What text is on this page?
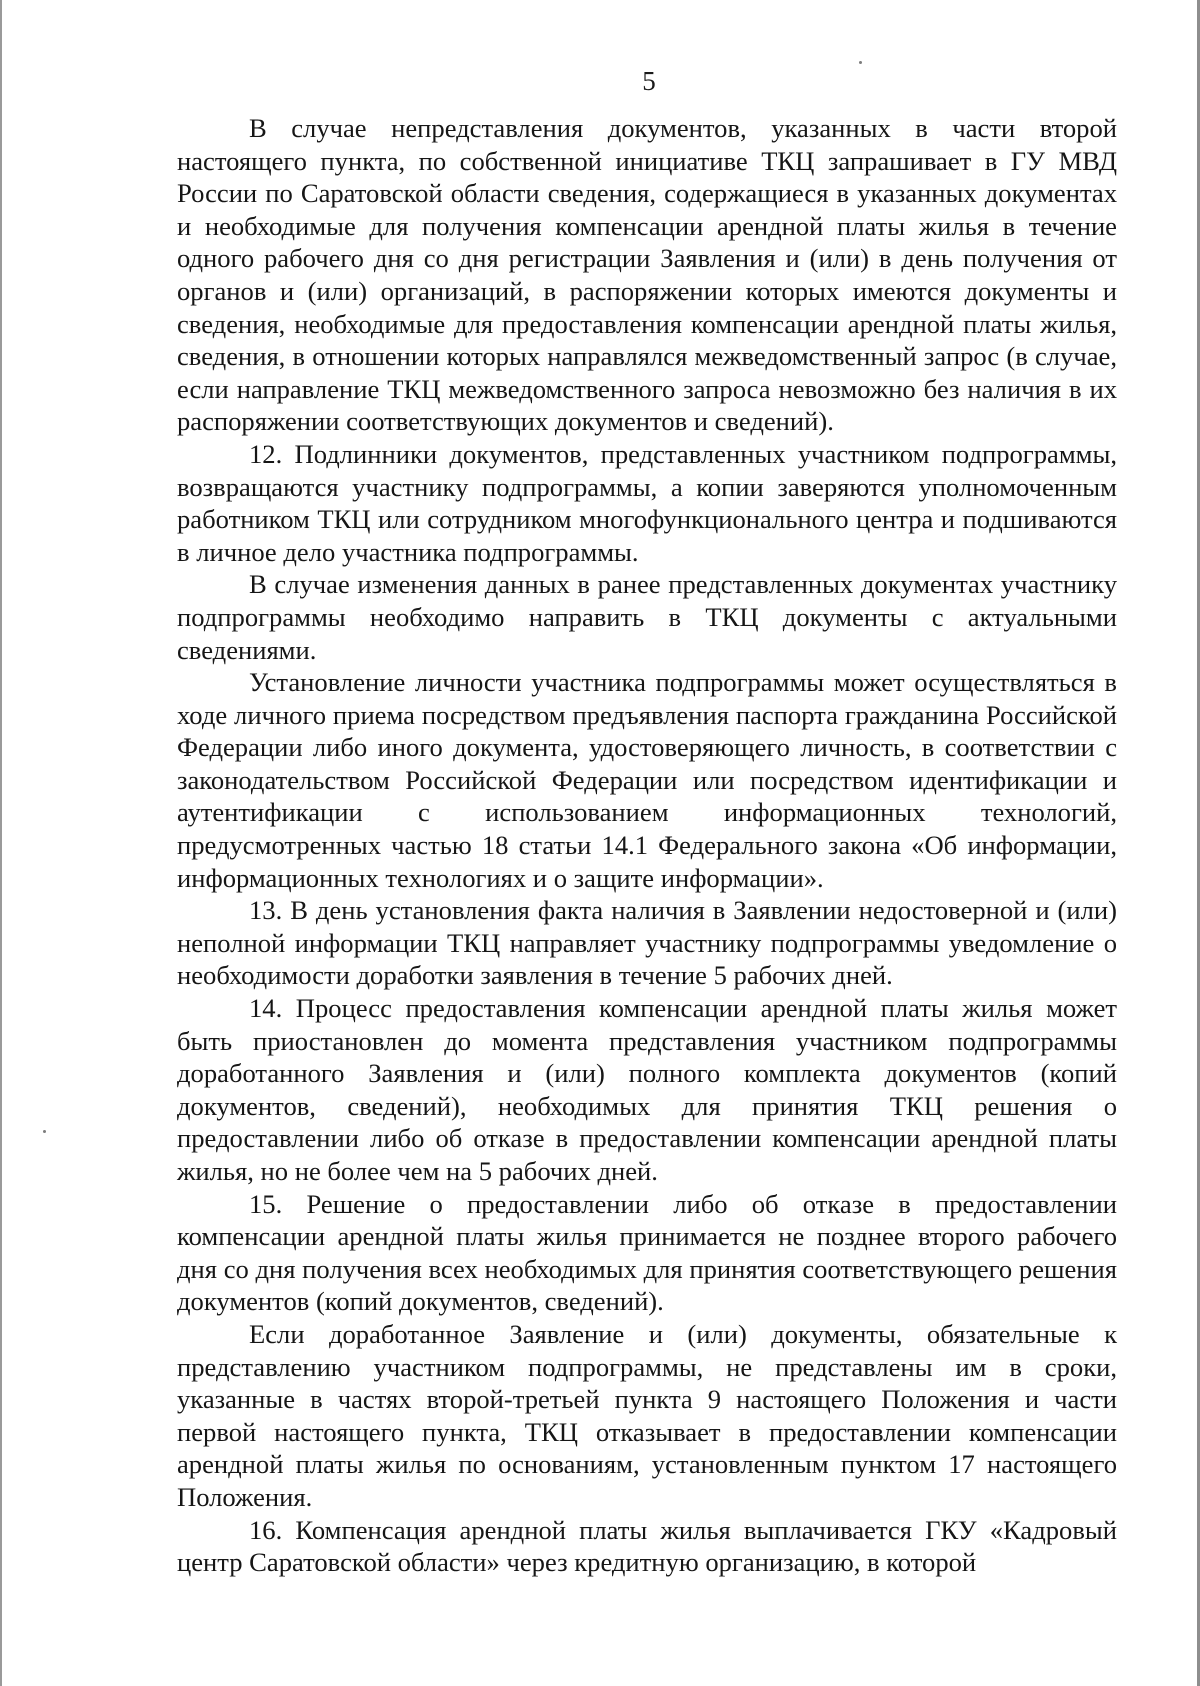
5

В случае непредставления документов, указанных в части второй настоящего пункта, по собственной инициативе ТКЦ запрашивает в ГУ МВД России по Саратовской области сведения, содержащиеся в указанных документах и необходимые для получения компенсации арендной платы жилья в течение одного рабочего дня со дня регистрации Заявления и (или) в день получения от органов и (или) организаций, в распоряжении которых имеются документы и сведения, необходимые для предоставления компенсации арендной платы жилья, сведения, в отношении которых направлялся межведомственный запрос (в случае, если направление ТКЦ межведомственного запроса невозможно без наличия в их распоряжении соответствующих документов и сведений).

12. Подлинники документов, представленных участником подпрограммы, возвращаются участнику подпрограммы, а копии заверяются уполномоченным работником ТКЦ или сотрудником многофункционального центра и подшиваются в личное дело участника подпрограммы.

В случае изменения данных в ранее представленных документах участнику подпрограммы необходимо направить в ТКЦ документы с актуальными сведениями.

Установление личности участника подпрограммы может осуществляться в ходе личного приема посредством предъявления паспорта гражданина Российской Федерации либо иного документа, удостоверяющего личность, в соответствии с законодательством Российской Федерации или посредством идентификации и аутентификации с использованием информационных технологий, предусмотренных частью 18 статьи 14.1 Федерального закона «Об информации, информационных технологиях и о защите информации».

13. В день установления факта наличия в Заявлении недостоверной и (или) неполной информации ТКЦ направляет участнику подпрограммы уведомление о необходимости доработки заявления в течение 5 рабочих дней.

14. Процесс предоставления компенсации арендной платы жилья может быть приостановлен до момента представления участником подпрограммы доработанного Заявления и (или) полного комплекта документов (копий документов, сведений), необходимых для принятия ТКЦ решения о предоставлении либо об отказе в предоставлении компенсации арендной платы жилья, но не более чем на 5 рабочих дней.

15. Решение о предоставлении либо об отказе в предоставлении компенсации арендной платы жилья принимается не позднее второго рабочего дня со дня получения всех необходимых для принятия соответствующего решения документов (копий документов, сведений).

Если доработанное Заявление и (или) документы, обязательные к представлению участником подпрограммы, не представлены им в сроки, указанные в частях второй-третьей пункта 9 настоящего Положения и части первой настоящего пункта, ТКЦ отказывает в предоставлении компенсации арендной платы жилья по основаниям, установленным пунктом 17 настоящего Положения.

16. Компенсация арендной платы жилья выплачивается ГКУ «Кадровый центр Саратовской области» через кредитную организацию, в которой
